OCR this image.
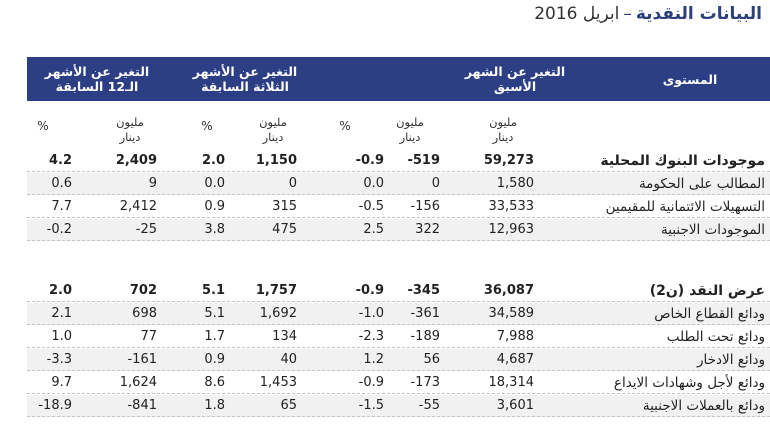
البيانات النقدية–ابريل 2016
التغير عن الشهر
الأسبق	المستوى
التغير عن الأشهر
الثلاثة السابقة
التغير عن الأشهر
الـ12 السابقة
مليون
دينار
مليون
دينار
%
مليون
دينار
%
مليون
دينار
%
موجودات البنوك المحلية
59,273
-519
-0.9
1,150
2.0
2,409
4.2
المطالب على الحكومة
1,580
0
0.0
0
0.0
9
0.6
التسهيلات الائتمانية للمقيمين
33,533
-156
-0.5
315
0.9
2,412
7.7
الموجودات الاجنبية
12,963
322
2.5
475
3.8
-25
-0.2
عرض النقد (ن2)
36,087
-345
-0.9
1,757
5.1
702
2.0
ودائع القطاع الخاص
34,589
-361
-1.0
1,692
5.1
698
2.1
ودائع تحت الطلب
7,988
-189
-2.3
134
1.7
77
1.0
ودائع الادخار
4,687
56
1.2
40
0.9
-161
-3.3
ودائع لأجل وشهادات الايداع
18,314
-173
-0.9
1,453
8.6
1,624
9.7
ودائع بالعملات الاجنبية
3,601
-55
-1.5
65
1.8
-841
-18.9
